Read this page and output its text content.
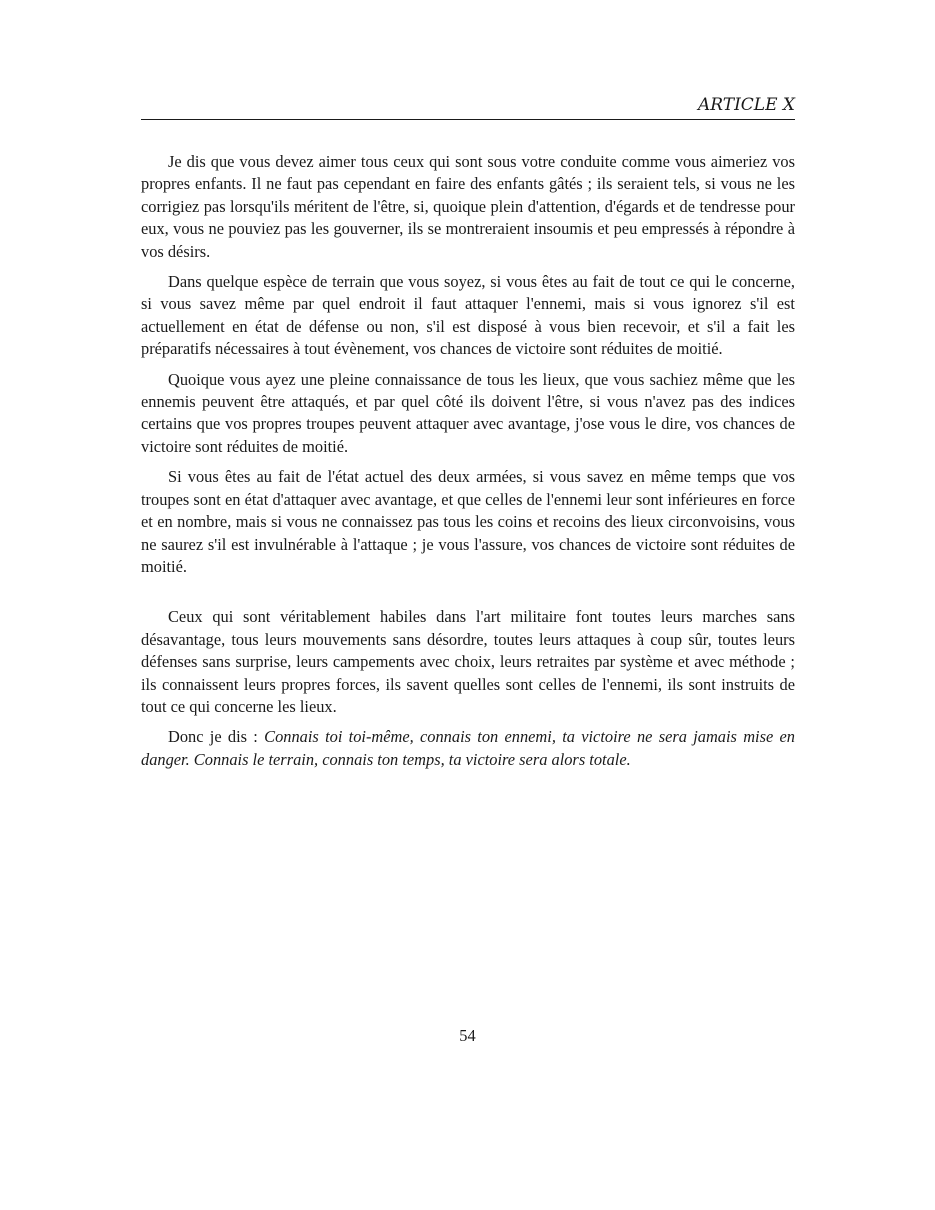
ARTICLE X

Je dis que vous devez aimer tous ceux qui sont sous votre conduite comme vous aimeriez vos propres enfants. Il ne faut pas cependant en faire des enfants gâtés ; ils seraient tels, si vous ne les corrigiez pas lorsqu'ils méritent de l'être, si, quoique plein d'attention, d'égards et de tendresse pour eux, vous ne pouviez pas les gouverner, ils se montreraient insoumis et peu empressés à répondre à vos désirs.

Dans quelque espèce de terrain que vous soyez, si vous êtes au fait de tout ce qui le concerne, si vous savez même par quel endroit il faut attaquer l'ennemi, mais si vous ignorez s'il est actuellement en état de défense ou non, s'il est disposé à vous bien recevoir, et s'il a fait les préparatifs nécessaires à tout évènement, vos chances de victoire sont réduites de moitié.

Quoique vous ayez une pleine connaissance de tous les lieux, que vous sachiez même que les ennemis peuvent être attaqués, et par quel côté ils doivent l'être, si vous n'avez pas des indices certains que vos propres troupes peuvent attaquer avec avantage, j'ose vous le dire, vos chances de victoire sont réduites de moitié.

Si vous êtes au fait de l'état actuel des deux armées, si vous savez en même temps que vos troupes sont en état d'attaquer avec avantage, et que celles de l'ennemi leur sont inférieures en force et en nombre, mais si vous ne connaissez pas tous les coins et recoins des lieux circonvoisins, vous ne saurez s'il est invulnérable à l'attaque ; je vous l'assure, vos chances de victoire sont réduites de moitié.

Ceux qui sont véritablement habiles dans l'art militaire font toutes leurs marches sans désavantage, tous leurs mouvements sans désordre, toutes leurs attaques à coup sûr, toutes leurs défenses sans surprise, leurs campements avec choix, leurs retraites par système et avec méthode ; ils connaissent leurs propres forces, ils savent quelles sont celles de l'ennemi, ils sont instruits de tout ce qui concerne les lieux.

Donc je dis : Connais toi toi-même, connais ton ennemi, ta victoire ne sera jamais mise en danger. Connais le terrain, connais ton temps, ta victoire sera alors totale.

54
